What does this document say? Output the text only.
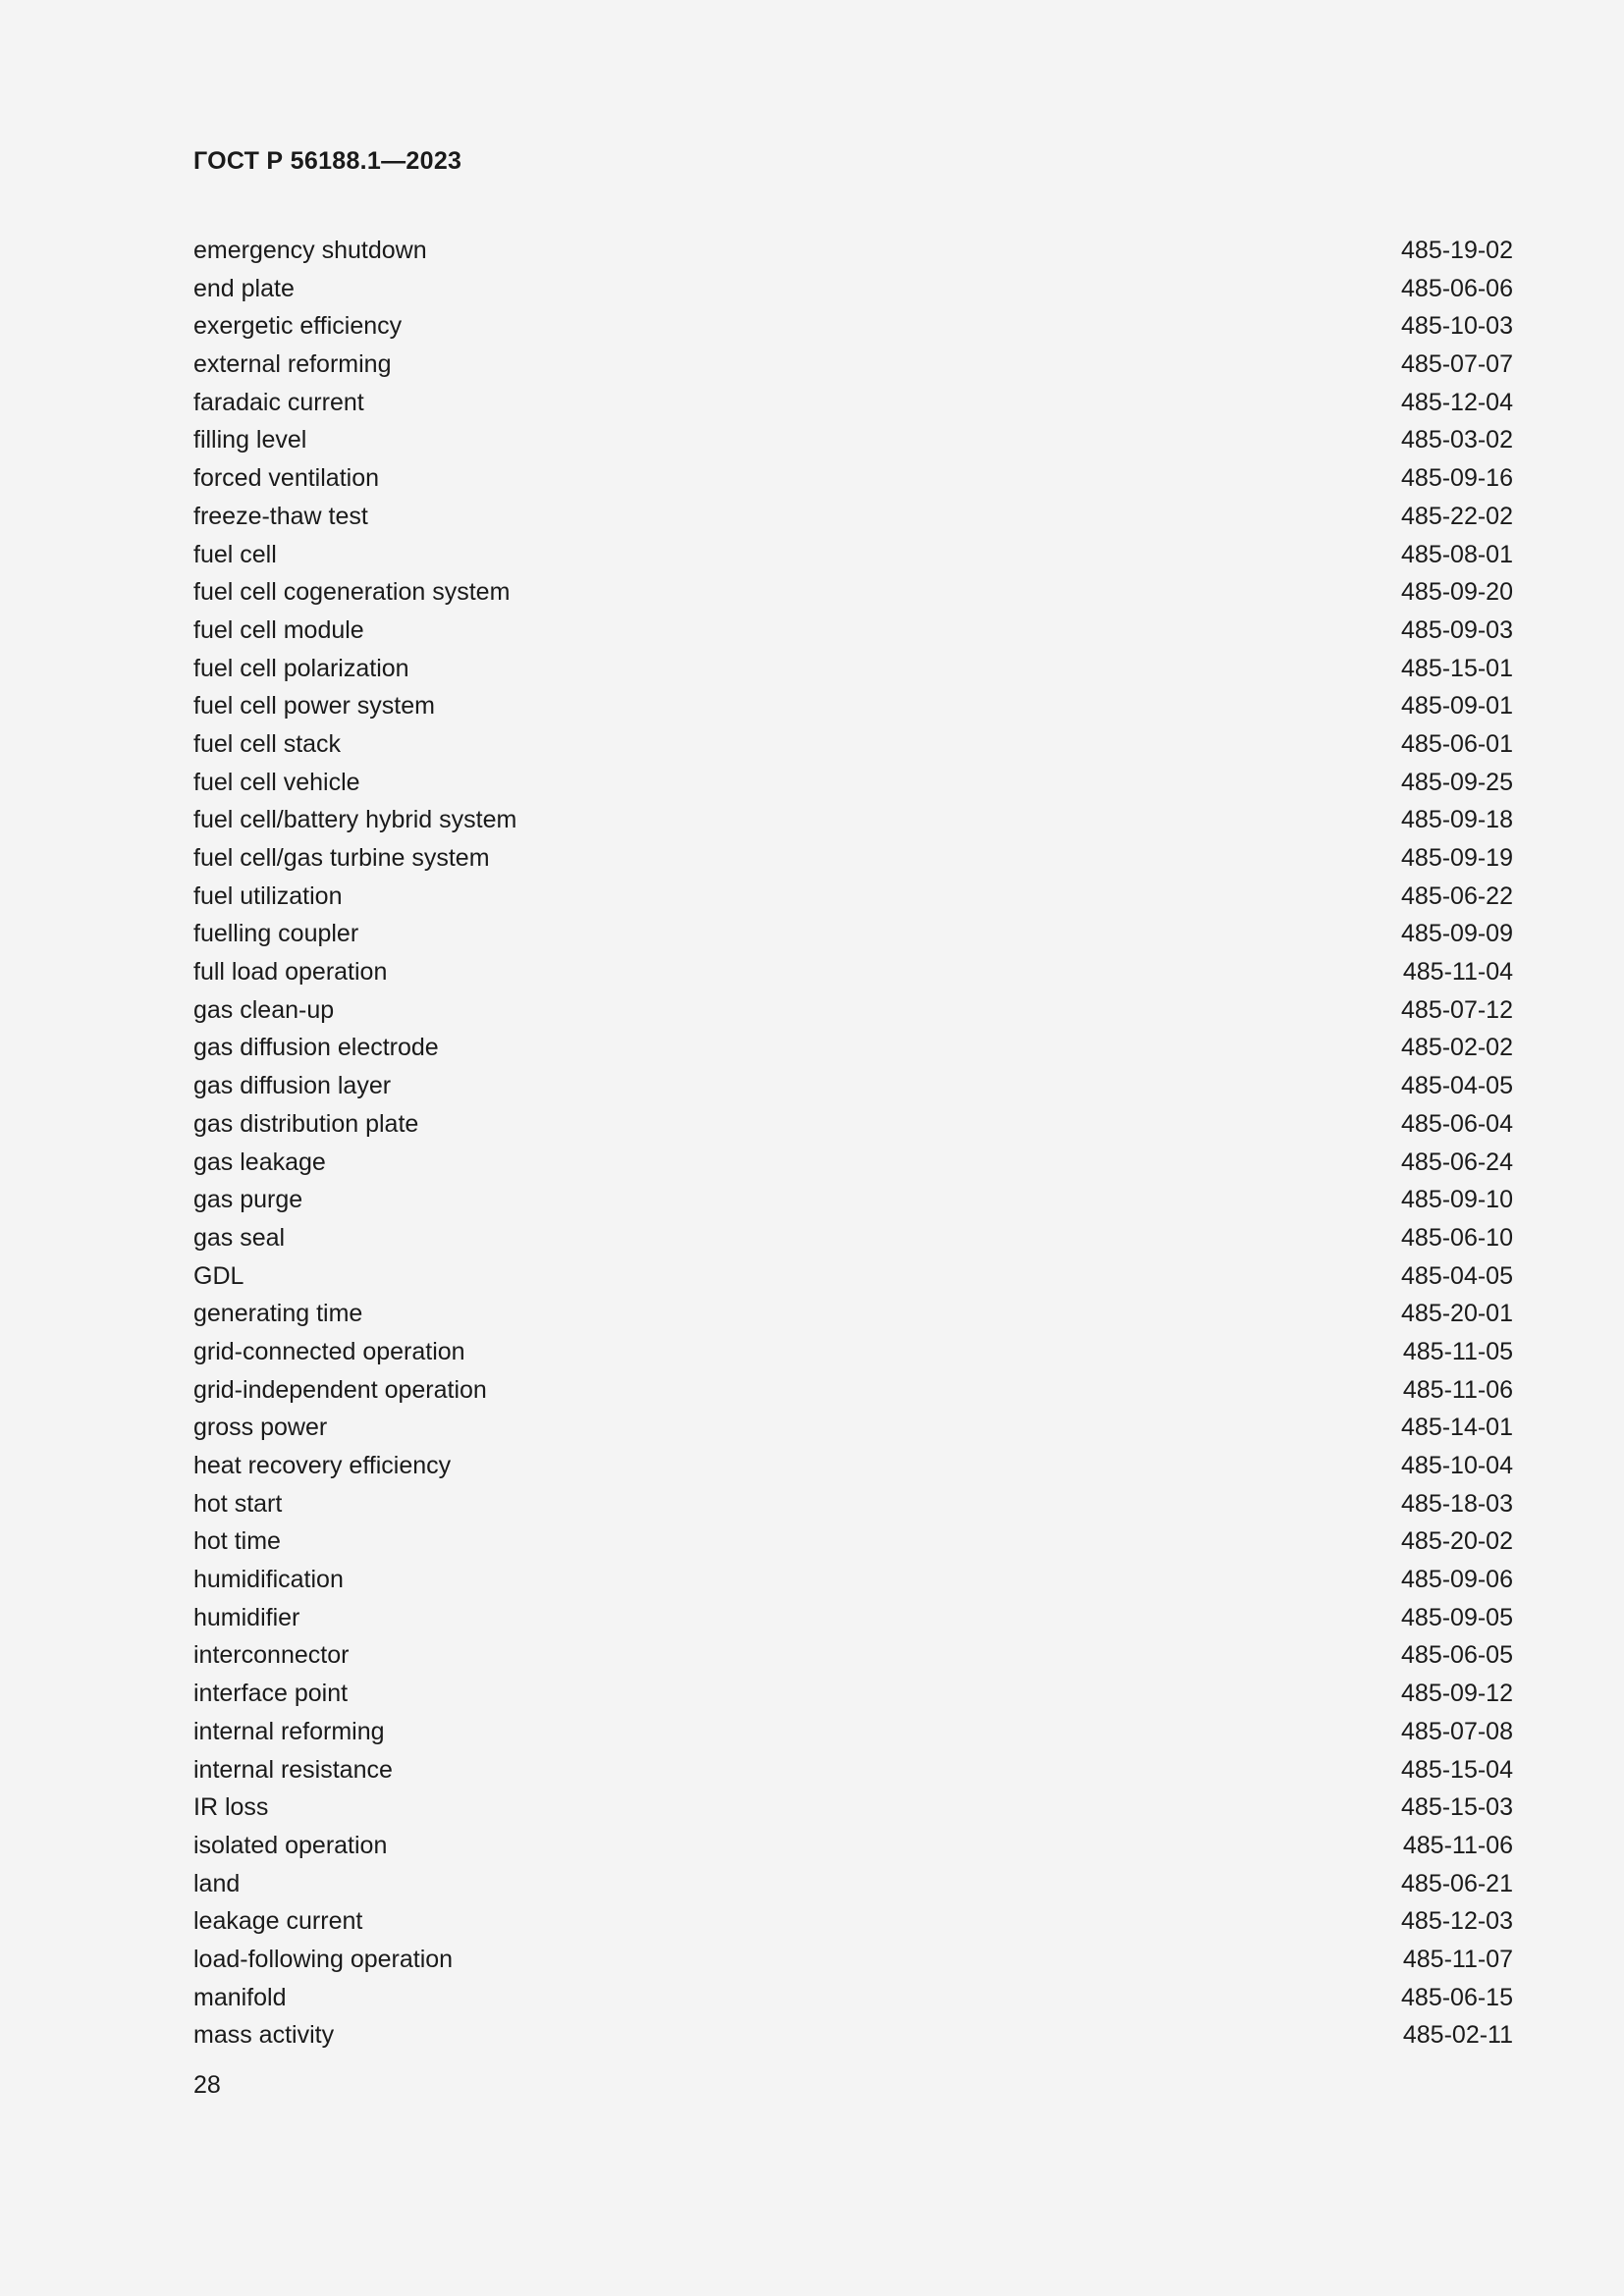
ГОСТ Р 56188.1—2023
emergency shutdown	485-19-02
end plate	485-06-06
exergetic efficiency	485-10-03
external reforming	485-07-07
faradaic current	485-12-04
filling level	485-03-02
forced ventilation	485-09-16
freeze-thaw test	485-22-02
fuel cell	485-08-01
fuel cell cogeneration system	485-09-20
fuel cell module	485-09-03
fuel cell polarization	485-15-01
fuel cell power system	485-09-01
fuel cell stack	485-06-01
fuel cell vehicle	485-09-25
fuel cell/battery hybrid system	485-09-18
fuel cell/gas turbine system	485-09-19
fuel utilization	485-06-22
fuelling coupler	485-09-09
full load operation	485-11-04
gas clean-up	485-07-12
gas diffusion electrode	485-02-02
gas diffusion layer	485-04-05
gas distribution plate	485-06-04
gas leakage	485-06-24
gas purge	485-09-10
gas seal	485-06-10
GDL	485-04-05
generating time	485-20-01
grid-connected operation	485-11-05
grid-independent operation	485-11-06
gross power	485-14-01
heat recovery efficiency	485-10-04
hot start	485-18-03
hot time	485-20-02
humidification	485-09-06
humidifier	485-09-05
interconnector	485-06-05
interface point	485-09-12
internal reforming	485-07-08
internal resistance	485-15-04
IR loss	485-15-03
isolated operation	485-11-06
land	485-06-21
leakage current	485-12-03
load-following operation	485-11-07
manifold	485-06-15
mass activity	485-02-11
28
